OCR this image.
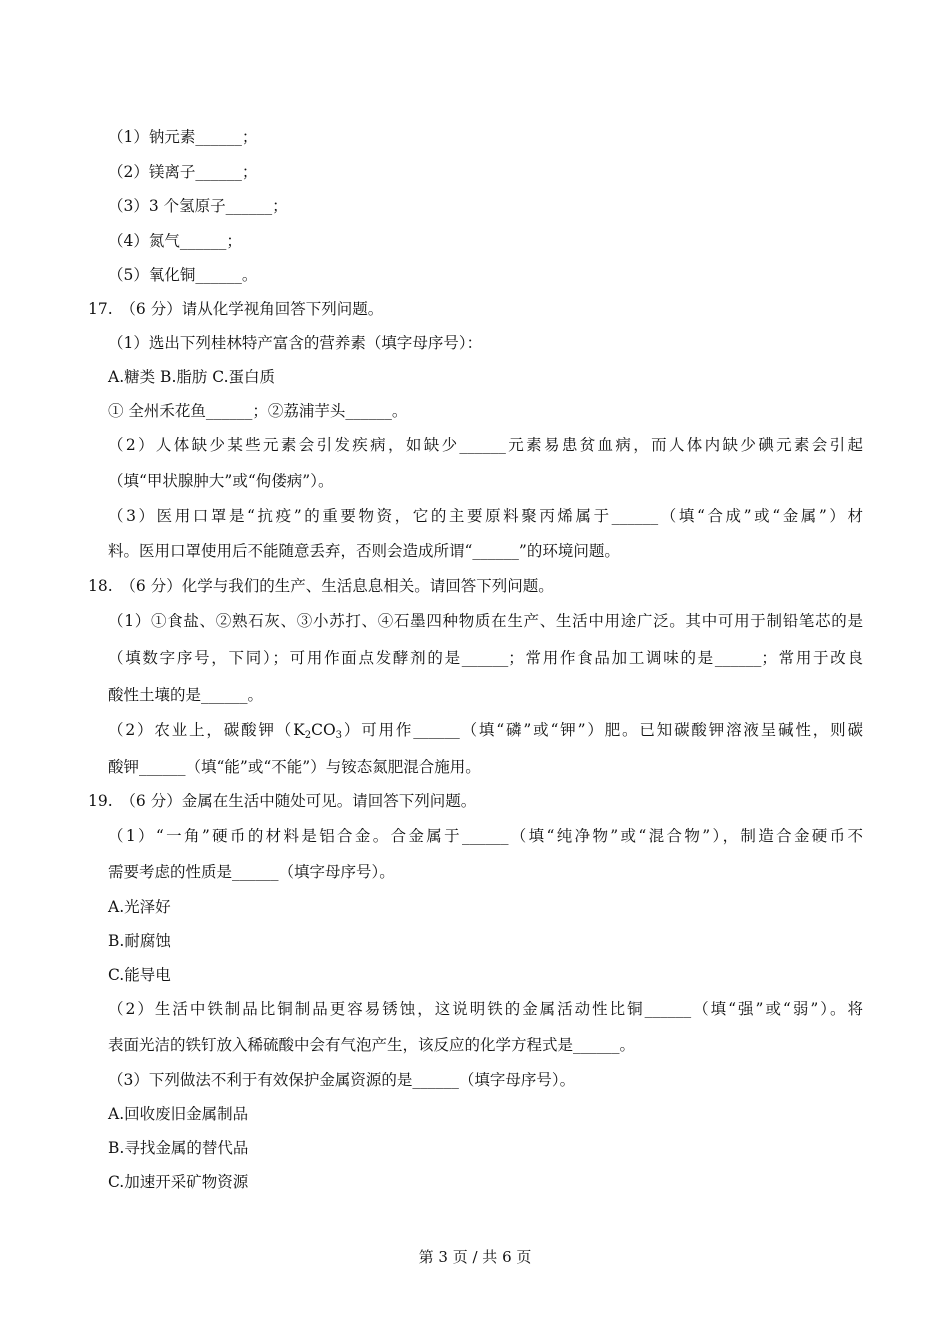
（1）钠元素______；
（2）镁离子______；
（3）3 个氢原子______；
（4）氮气______；
（5）氧化铜______。
17.　（6 分）请从化学视角回答下列问题。
（1）选出下列桂林特产富含的营养素（填字母序号）：
A.糖类 B.脂肪 C.蛋白质
① 全州禾花鱼______；②荔浦芋头______。
（2）人体缺少某些元素会引发疾病，如缺少______元素易患贫血病，而人体内缺少碘元素会引起
（填“甲状腺肿大”或“佝偻病”）。
（3）医用口罩是“抗疫”的重要物资，它的主要原料聚丙烯属于______（填“合成”或“金属”）材
料。医用口罩使用后不能随意丢弃，否则会造成所谓“______”的环境问题。
18.　（6 分）化学与我们的生产、生活息息相关。请回答下列问题。
（1）①食盐、②熟石灰、③小苏打、④石墨四种物质在生产、生活中用途广泛。其中可用于制铅笔芯的是
（填数字序号，下同）；可用作面点发酵剂的是______；常用作食品加工调味的是______；常用于改良
酸性土壤的是______。
（2）农业上，碳酸钾$(K_2CO_3)$可用作______（填“磷”或“钾”）肥。已知碳酸钾溶液呈碱性，则碳
酸钾______（填“能”或“不能”）与铵态氮肥混合施用。
19.　（6 分）金属在生活中随处可见。请回答下列问题。
（1）“一角”硬币的材料是铝合金。合金属于______（填“纯净物”或“混合物”），制造合金硬币不
需要考虑的性质是______（填字母序号）。
A.光泽好
B.耐腐蚀
C.能导电
（2）生活中铁制品比铜制品更容易锈蚀，这说明铁的金属活动性比铜______（填“强”或“弱”）。将
表面光洁的铁钉放入稀硫酸中会有气泡产生，该反应的化学方程式是______。
（3）下列做法不利于有效保护金属资源的是______（填字母序号）。
A.回收废旧金属制品
B.寻找金属的替代品
C.加速开采矿物资源
第 3 页 / 共 6 页
